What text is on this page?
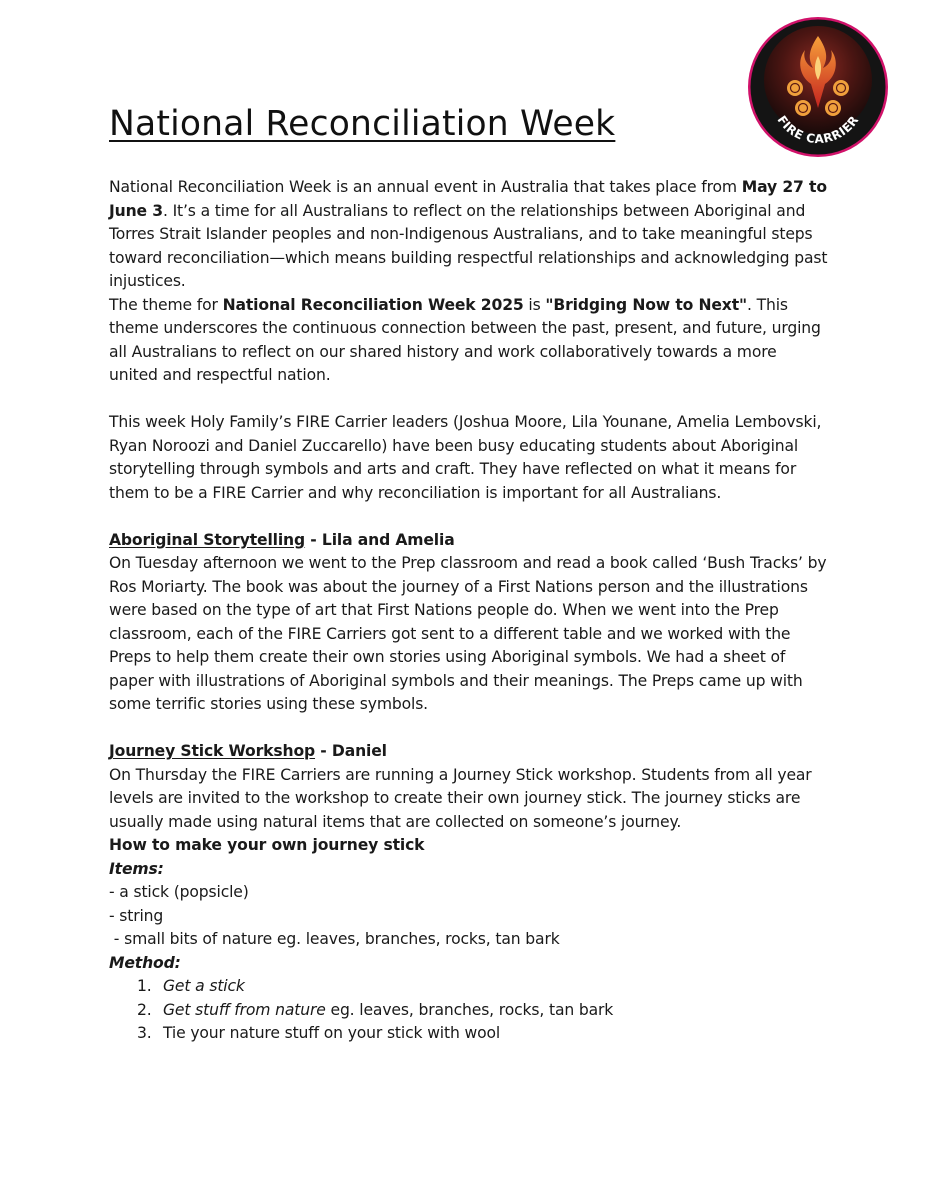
FIRE CARRIER
National Reconciliation Week

National Reconciliation Week is an annual event in Australia that takes place from May 27 to June 3. It’s a time for all Australians to reflect on the relationships between Aboriginal and Torres Strait Islander peoples and non-Indigenous Australians, and to take meaningful steps toward reconciliation—which means building respectful relationships and acknowledging past injustices.

The theme for National Reconciliation Week 2025 is "Bridging Now to Next". This theme underscores the continuous connection between the past, present, and future, urging all Australians to reflect on our shared history and work collaboratively towards a more united and respectful nation.

This week Holy Family’s FIRE Carrier leaders (Joshua Moore, Lila Younane, Amelia Lembovski, Ryan Noroozi and Daniel Zuccarello) have been busy educating students about Aboriginal storytelling through symbols and arts and craft. They have reflected on what it means for them to be a FIRE Carrier and why reconciliation is important for all Australians.

Aboriginal Storytelling - Lila and Amelia

On Tuesday afternoon we went to the Prep classroom and read a book called ‘Bush Tracks’ by Ros Moriarty. The book was about the journey of a First Nations person and the illustrations were based on the type of art that First Nations people do. When we went into the Prep classroom, each of the FIRE Carriers got sent to a different table and we worked with the Preps to help them create their own stories using Aboriginal symbols. We had a sheet of paper with illustrations of Aboriginal symbols and their meanings. The Preps came up with some terrific stories using these symbols.

Journey Stick Workshop - Daniel

On Thursday the FIRE Carriers are running a Journey Stick workshop. Students from all year levels are invited to the workshop to create their own journey stick. The journey sticks are usually made using natural items that are collected on someone’s journey.

How to make your own journey stick

Items:

- a stick (popsicle)

- string

- small bits of nature eg. leaves, branches, rocks, tan bark

Method:

1. Get a stick
2. Get stuff from nature eg. leaves, branches, rocks, tan bark
3. Tie your nature stuff on your stick with wool
